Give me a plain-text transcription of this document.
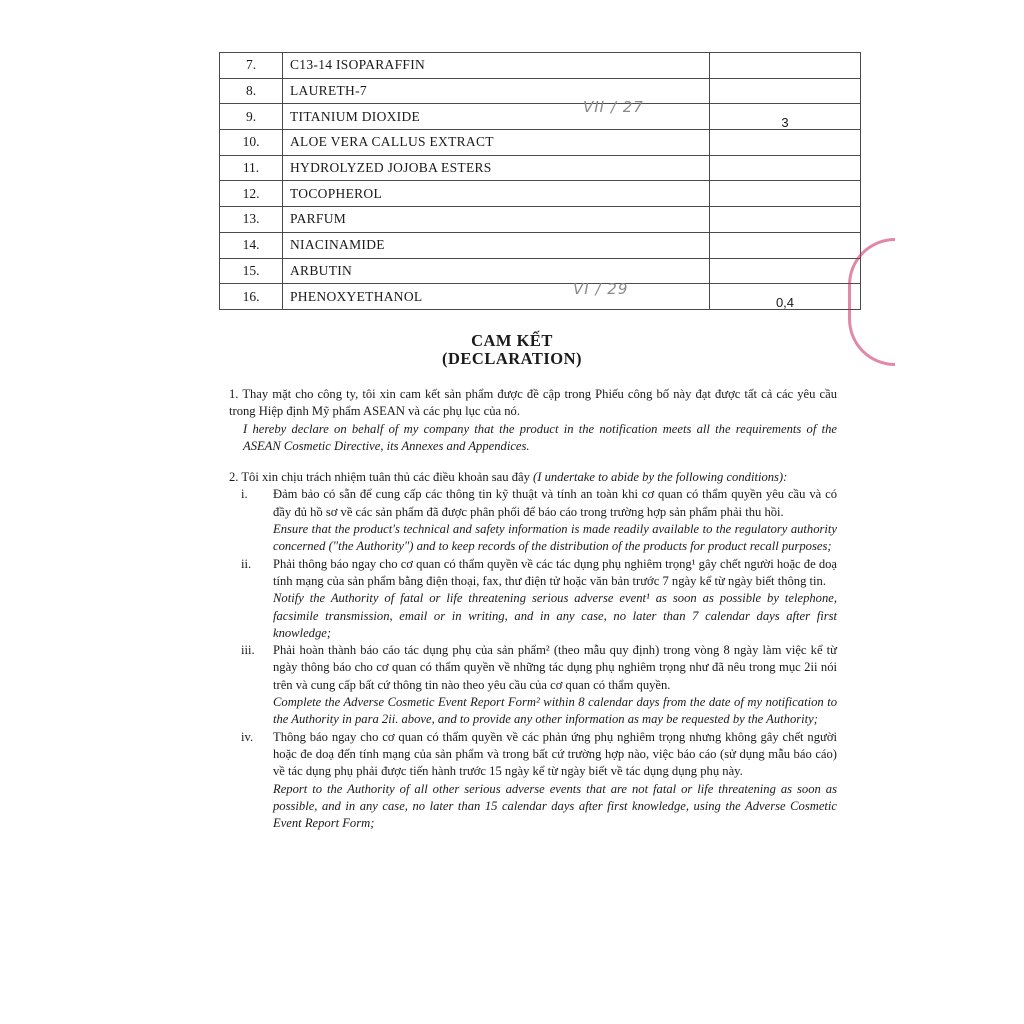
7.	C13-14 ISOPARAFFIN	
8.	LAURETH-7	
9.	TITANIUM DIOXIDE VII / 27	3
10.	ALOE VERA CALLUS EXTRACT	
11.	HYDROLYZED JOJOBA ESTERS	
12.	TOCOPHEROL	
13.	PARFUM	
14.	NIACINAMIDE	
15.	ARBUTIN	
16.	PHENOXYETHANOL VI / 29	0,4
CAM KẾT
(DECLARATION)
1. Thay mặt cho công ty, tôi xin cam kết sản phẩm được đề cập trong Phiếu công bố này đạt được tất cả các yêu cầu trong Hiệp định Mỹ phẩm ASEAN và các phụ lục của nó.
I hereby declare on behalf of my company that the product in the notification meets all the requirements of the ASEAN Cosmetic Directive, its Annexes and Appendices.
2. Tôi xin chịu trách nhiệm tuân thủ các điều khoản sau đây (I undertake to abide by the following conditions):
i.	Đảm bảo có sẵn để cung cấp các thông tin kỹ thuật và tính an toàn khi cơ quan có thẩm quyền yêu cầu và có đầy đủ hồ sơ về các sản phẩm đã được phân phối để báo cáo trong trường hợp sản phẩm phải thu hồi.
Ensure that the product's technical and safety information is made readily available to the regulatory authority concerned ("the Authority") and to keep records of the distribution of the products for product recall purposes;
ii.	Phải thông báo ngay cho cơ quan có thẩm quyền về các tác dụng phụ nghiêm trọng¹ gây chết người hoặc đe doạ tính mạng của sản phẩm bằng điện thoại, fax, thư điện tử hoặc văn bản trước 7 ngày kể từ ngày biết thông tin.
Notify the Authority of fatal or life threatening serious adverse event¹ as soon as possible by telephone, facsimile transmission, email or in writing, and in any case, no later than 7 calendar days after first knowledge;
iii.	Phải hoàn thành báo cáo tác dụng phụ của sản phẩm² (theo mẫu quy định) trong vòng 8 ngày làm việc kể từ ngày thông báo cho cơ quan có thẩm quyền về những tác dụng phụ nghiêm trọng như đã nêu trong mục 2ii nói trên và cung cấp bất cứ thông tin nào theo yêu cầu của cơ quan có thẩm quyền.
Complete the Adverse Cosmetic Event Report Form² within 8 calendar days from the date of my notification to the Authority in para 2ii. above, and to provide any other information as may be requested by the Authority;
iv.	Thông báo ngay cho cơ quan có thẩm quyền về các phản ứng phụ nghiêm trọng nhưng không gây chết người hoặc đe doạ đến tính mạng của sản phẩm và trong bất cứ trường hợp nào, việc báo cáo (sử dụng mẫu báo cáo) về tác dụng phụ phải được tiến hành trước 15 ngày kể từ ngày biết về tác dụng dụng phụ này.
Report to the Authority of all other serious adverse events that are not fatal or life threatening as soon as possible, and in any case, no later than 15 calendar days after first knowledge, using the Adverse Cosmetic Event Report Form;
